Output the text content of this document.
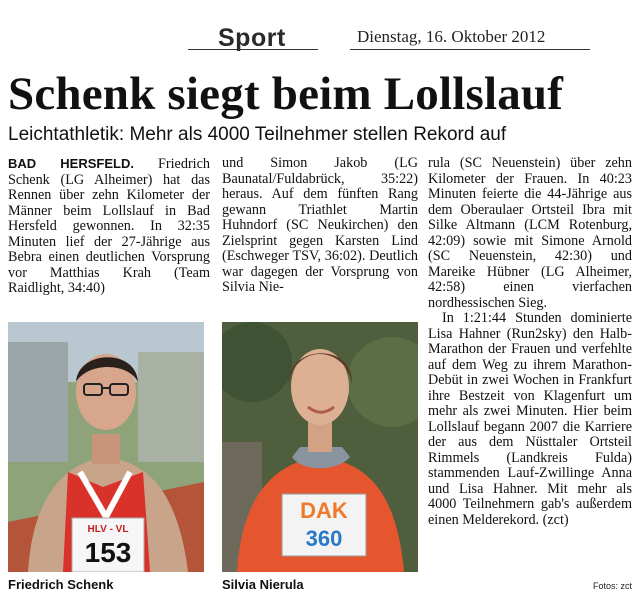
Sport	Dienstag, 16. Oktober 2012
Schenk siegt beim Lollslauf
Leichtathletik: Mehr als 4000 Teilnehmer stellen Rekord auf
BAD HERSFELD. Friedrich Schenk (LG Alheimer) hat das Rennen über zehn Kilometer der Männer beim Lollslauf in Bad Hersfeld gewonnen. In 32:35 Minuten lief der 27-Jährige aus Bebra einen deutlichen Vorsprung vor Matthias Krah (Team Raidlight, 34:40)
und Simon Jakob (LG Baunatal/Fuldabrück, 35:22) heraus. Auf dem fünften Rang gewann Triathlet Martin Huhndorf (SC Neukirchen) den Zielsprint gegen Karsten Lind (Eschweger TSV, 36:02). Deutlich war dagegen der Vorsprung von Silvia Nie-

rula (SC Neuenstein) über zehn Kilometer der Frauen. In 40:23 Minuten feierte die 44-Jährige aus dem Oberaulaer Ortsteil Ibra mit Silke Altmann (LCM Rotenburg, 42:09) sowie mit Simone Arnold (SC Neuenstein, 42:30) und Mareike Hübner (LG Alheimer, 42:58) einen vierfachen nordhessischen Sieg.

In 1:21:44 Stunden dominierte Lisa Hahner (Run2sky) den Halb-Marathon der Frauen und verfehlte auf dem Weg zu ihrem Marathon-Debüt in zwei Wochen in Frankfurt ihre Bestzeit von Klagenfurt um mehr als zwei Minuten. Hier beim Lollslauf begann 2007 die Karriere der aus dem Nüsttaler Ortsteil Rimmels (Landkreis Fulda) stammenden Lauf-Zwillinge Anna und Lisa Hahner. Mit mehr als 4000 Teilnehmern gab's außerdem einen Melderekord. (zct)

HLV - VL
153
Friedrich Schenk
DAK
360
Silvia Nierula	Fotos: zct
